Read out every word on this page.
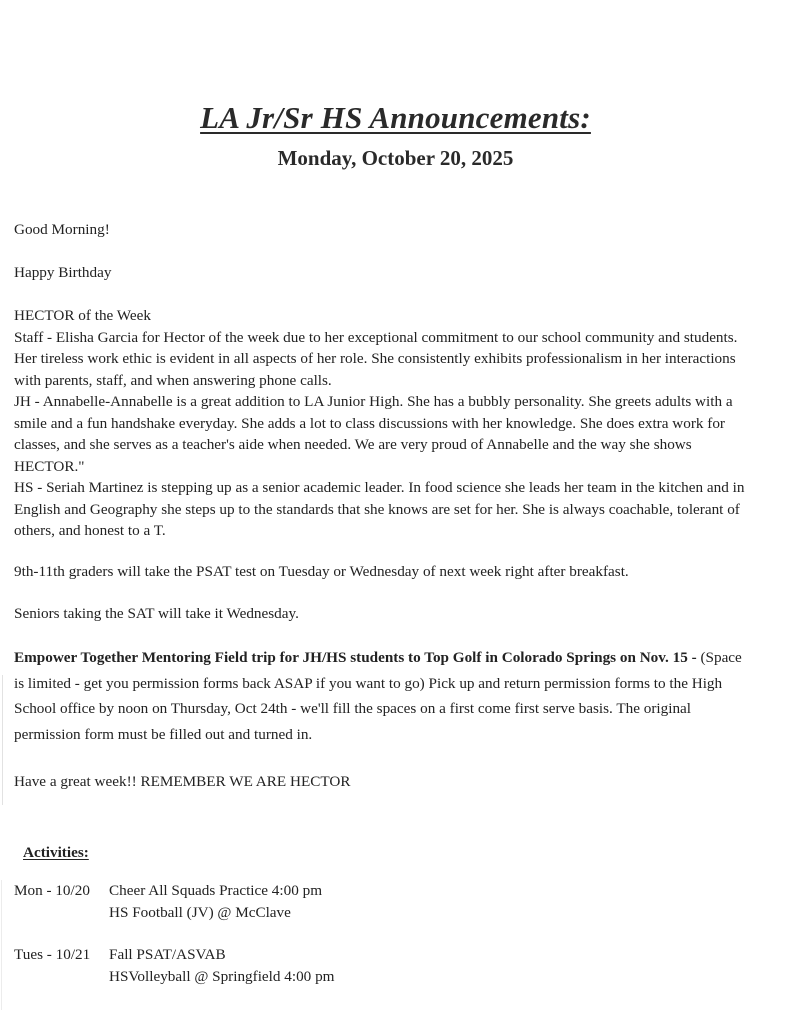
LA Jr/Sr HS Announcements:
Monday, October 20, 2025
Good Morning!
Happy Birthday
HECTOR of the Week
Staff - Elisha Garcia for Hector of the week due to her exceptional commitment to our school community and students.
Her tireless work ethic is evident in all aspects of her role. She consistently exhibits professionalism in her interactions
with parents, staff, and when answering phone calls.
JH - Annabelle-Annabelle is a great addition to LA Junior High. She has a bubbly personality. She greets adults with a
smile and a fun handshake everyday. She adds a lot to class discussions with her knowledge. She does extra work for
classes, and she serves as a teacher's aide when needed. We are very proud of Annabelle and the way she shows
HECTOR."
HS - Seriah Martinez is stepping up as a senior academic leader. In food science she leads her team in the kitchen and in
English and Geography she steps up to the standards that she knows are set for her. She is always coachable, tolerant of
others, and honest to a T.
9th-11th graders will take the PSAT test on Tuesday or Wednesday of next week right after breakfast.
Seniors taking the SAT will take it Wednesday.
Empower Together Mentoring Field trip for JH/HS students to Top Golf in Colorado Springs on Nov. 15 - (Space
is limited - get you permission forms back ASAP if you want to go) Pick up and return permission forms to the High
School office by noon on Thursday, Oct 24th - we'll fill the spaces on a first come first serve basis. The original
permission form must be filled out and turned in.
Have a great week!! REMEMBER WE ARE HECTOR
Activities:
Mon - 10/20 Cheer All Squads Practice 4:00 pm
HS Football (JV) @ McClave
Tues - 10/21 Fall PSAT/ASVAB
HSVolleyball @ Springfield 4:00 pm
